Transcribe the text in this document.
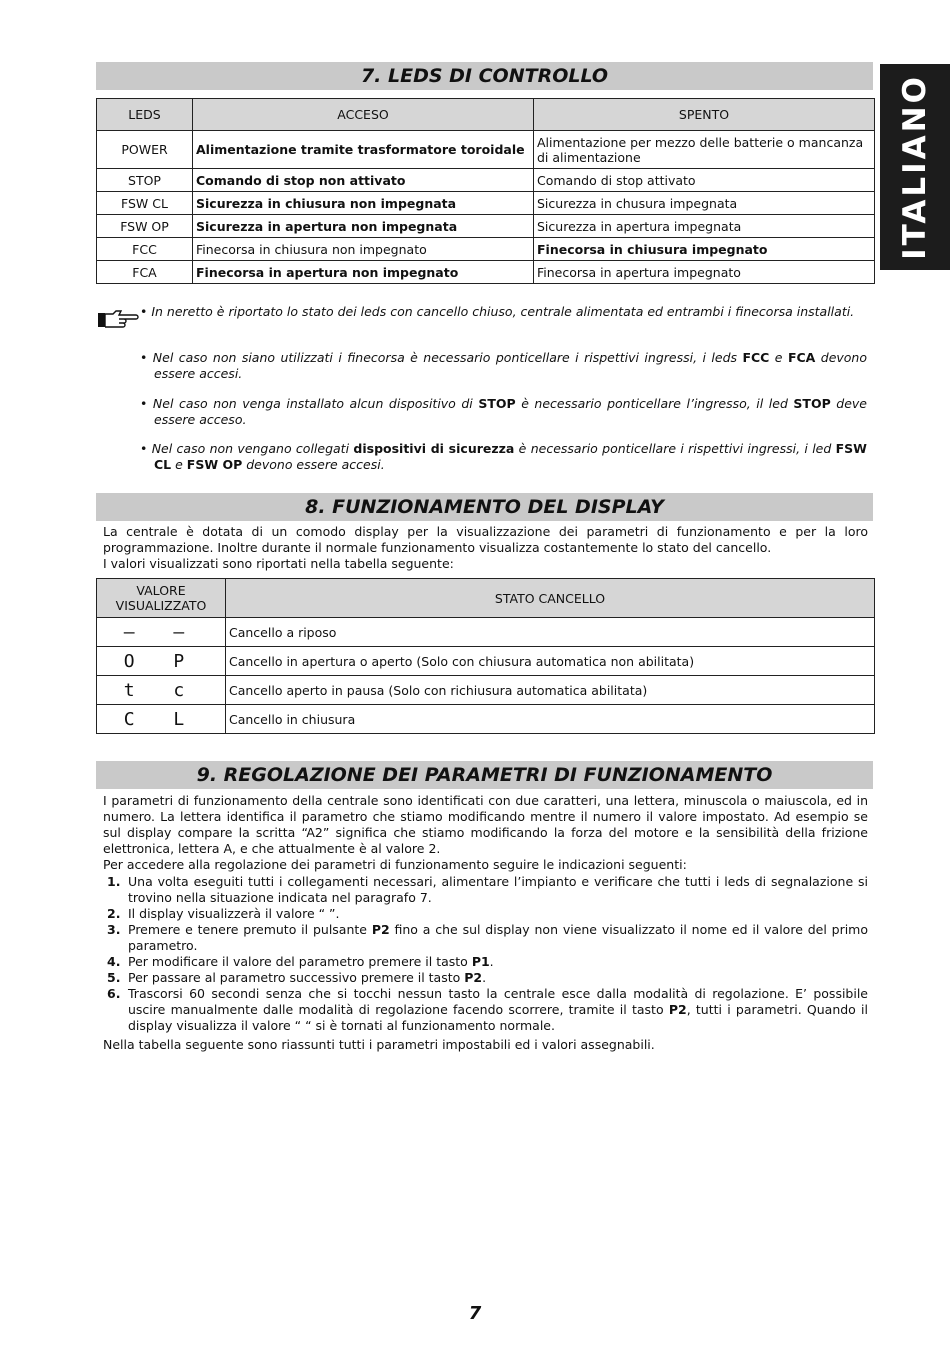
ITALIANO
7. LEDS DI CONTROLLO
LEDS	ACCESO	SPENTO
POWER	Alimentazione tramite trasformatore toroidale	Alimentazione per mezzo delle batterie o mancanza di alimentazione
STOP	Comando di stop non attivato	Comando di stop attivato
FSW CL	Sicurezza in chiusura non impegnata	Sicurezza in chusura impegnata
FSW OP	Sicurezza in apertura non impegnata	Sicurezza in apertura impegnata
FCC	Finecorsa in chiusura non impegnato	Finecorsa in chiusura impegnato
FCA	Finecorsa in apertura non impegnato	Finecorsa in apertura impegnato
• In neretto è riportato lo stato dei leds con cancello chiuso, centrale alimentata ed entrambi i finecorsa installati.
• Nel caso non siano utilizzati i finecorsa è necessario ponticellare i rispettivi ingressi, i leds FCC e FCA devono essere accesi.
• Nel caso non venga installato alcun dispositivo di STOP è necessario ponticellare l’ingresso, il led STOP deve essere acceso.
• Nel caso non vengano collegati dispositivi di sicurezza è necessario ponticellare i rispettivi ingressi, i led FSW CL e FSW OP devono essere accesi.
8. FUNZIONAMENTO DEL DISPLAY
La centrale è dotata di un comodo display per la visualizzazione dei parametri di funzionamento e per la loro programmazione. Inoltre durante il normale funzionamento visualizza costantemente lo stato del cancello.
I valori visualizzati sono riportati nella tabella seguente:
VALORE VISUALIZZATO	STATO CANCELLO
– –	Cancello a riposo
O P	Cancello in apertura o aperto (Solo con chiusura automatica non abilitata)
t c	Cancello aperto in pausa (Solo con richiusura automatica abilitata)
C L	Cancello in chiusura
9. REGOLAZIONE DEI PARAMETRI DI FUNZIONAMENTO
I parametri di funzionamento della centrale sono identificati con due caratteri, una lettera, minuscola o maiuscola, ed in numero. La lettera identifica il parametro che stiamo modificando mentre il numero il valore impostato. Ad esempio se sul display compare la scritta “A2” significa che stiamo modificando la forza del motore e la sensibilità della frizione elettronica, lettera A, e che attualmente è al valore 2.
Per accedere alla regolazione dei parametri di funzionamento seguire le indicazioni seguenti:
1. Una volta eseguiti tutti i collegamenti necessari, alimentare l’impianto e verificare che tutti i leds di segnalazione si trovino nella situazione indicata nel paragrafo 7.
2. Il display visualizzerà il valore “ ”.
3. Premere e tenere premuto il pulsante P2 fino a che sul display non viene visualizzato il nome ed il valore del primo parametro.
4. Per modificare il valore del parametro premere il tasto P1.
5. Per passare al parametro successivo premere il tasto P2.
6. Trascorsi 60 secondi senza che si tocchi nessun tasto la centrale esce dalla modalità di regolazione. E’ possibile uscire manualmente dalle modalità di regolazione facendo scorrere, tramite il tasto P2, tutti i parametri. Quando il display visualizza il valore “ “ si è tornati al funzionamento normale.
Nella tabella seguente sono riassunti tutti i parametri impostabili ed i valori assegnabili.
7
